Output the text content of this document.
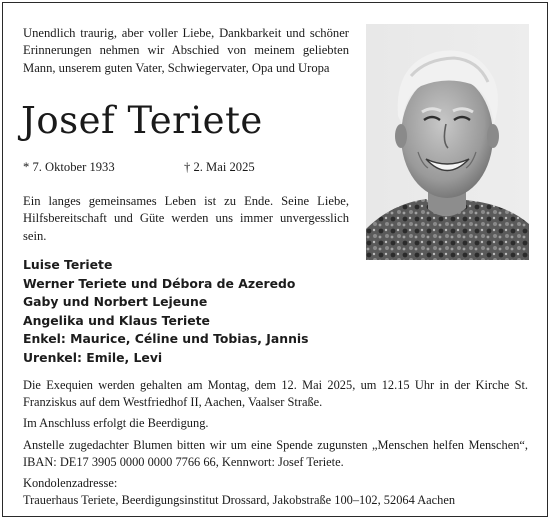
Unendlich traurig, aber voller Liebe, Dankbarkeit und schöner Erinnerungen nehmen wir Abschied von meinem geliebten Mann, unserem guten Vater, Schwiegervater, Opa und Uropa

Josef Teriete
* 7. Oktober 1933	† 2. Mai 2025

Ein langes gemeinsames Leben ist zu Ende. Seine Liebe, Hilfsbereitschaft und Güte werden uns immer unvergesslich sein.

Luise Teriete
Werner Teriete und Débora de Azeredo
Gaby und Norbert Lejeune
Angelika und Klaus Teriete
Enkel: Maurice, Céline und Tobias, Jannis
Urenkel: Emile, Levi

Die Exequien werden gehalten am Montag, dem 12. Mai 2025, um 12.15 Uhr in der Kirche St. Franziskus auf dem Westfriedhof II, Aachen, Vaalser Straße.

Im Anschluss erfolgt die Beerdigung.

Anstelle zugedachter Blumen bitten wir um eine Spende zugunsten „Menschen helfen Menschen“, IBAN: DE17 3905 0000 0000 7766 66, Kennwort: Josef Teriete.

Kondolenzadresse:

Trauerhaus Teriete, Beerdigungsinstitut Drossard, Jakobstraße 100–102, 52064 Aachen
